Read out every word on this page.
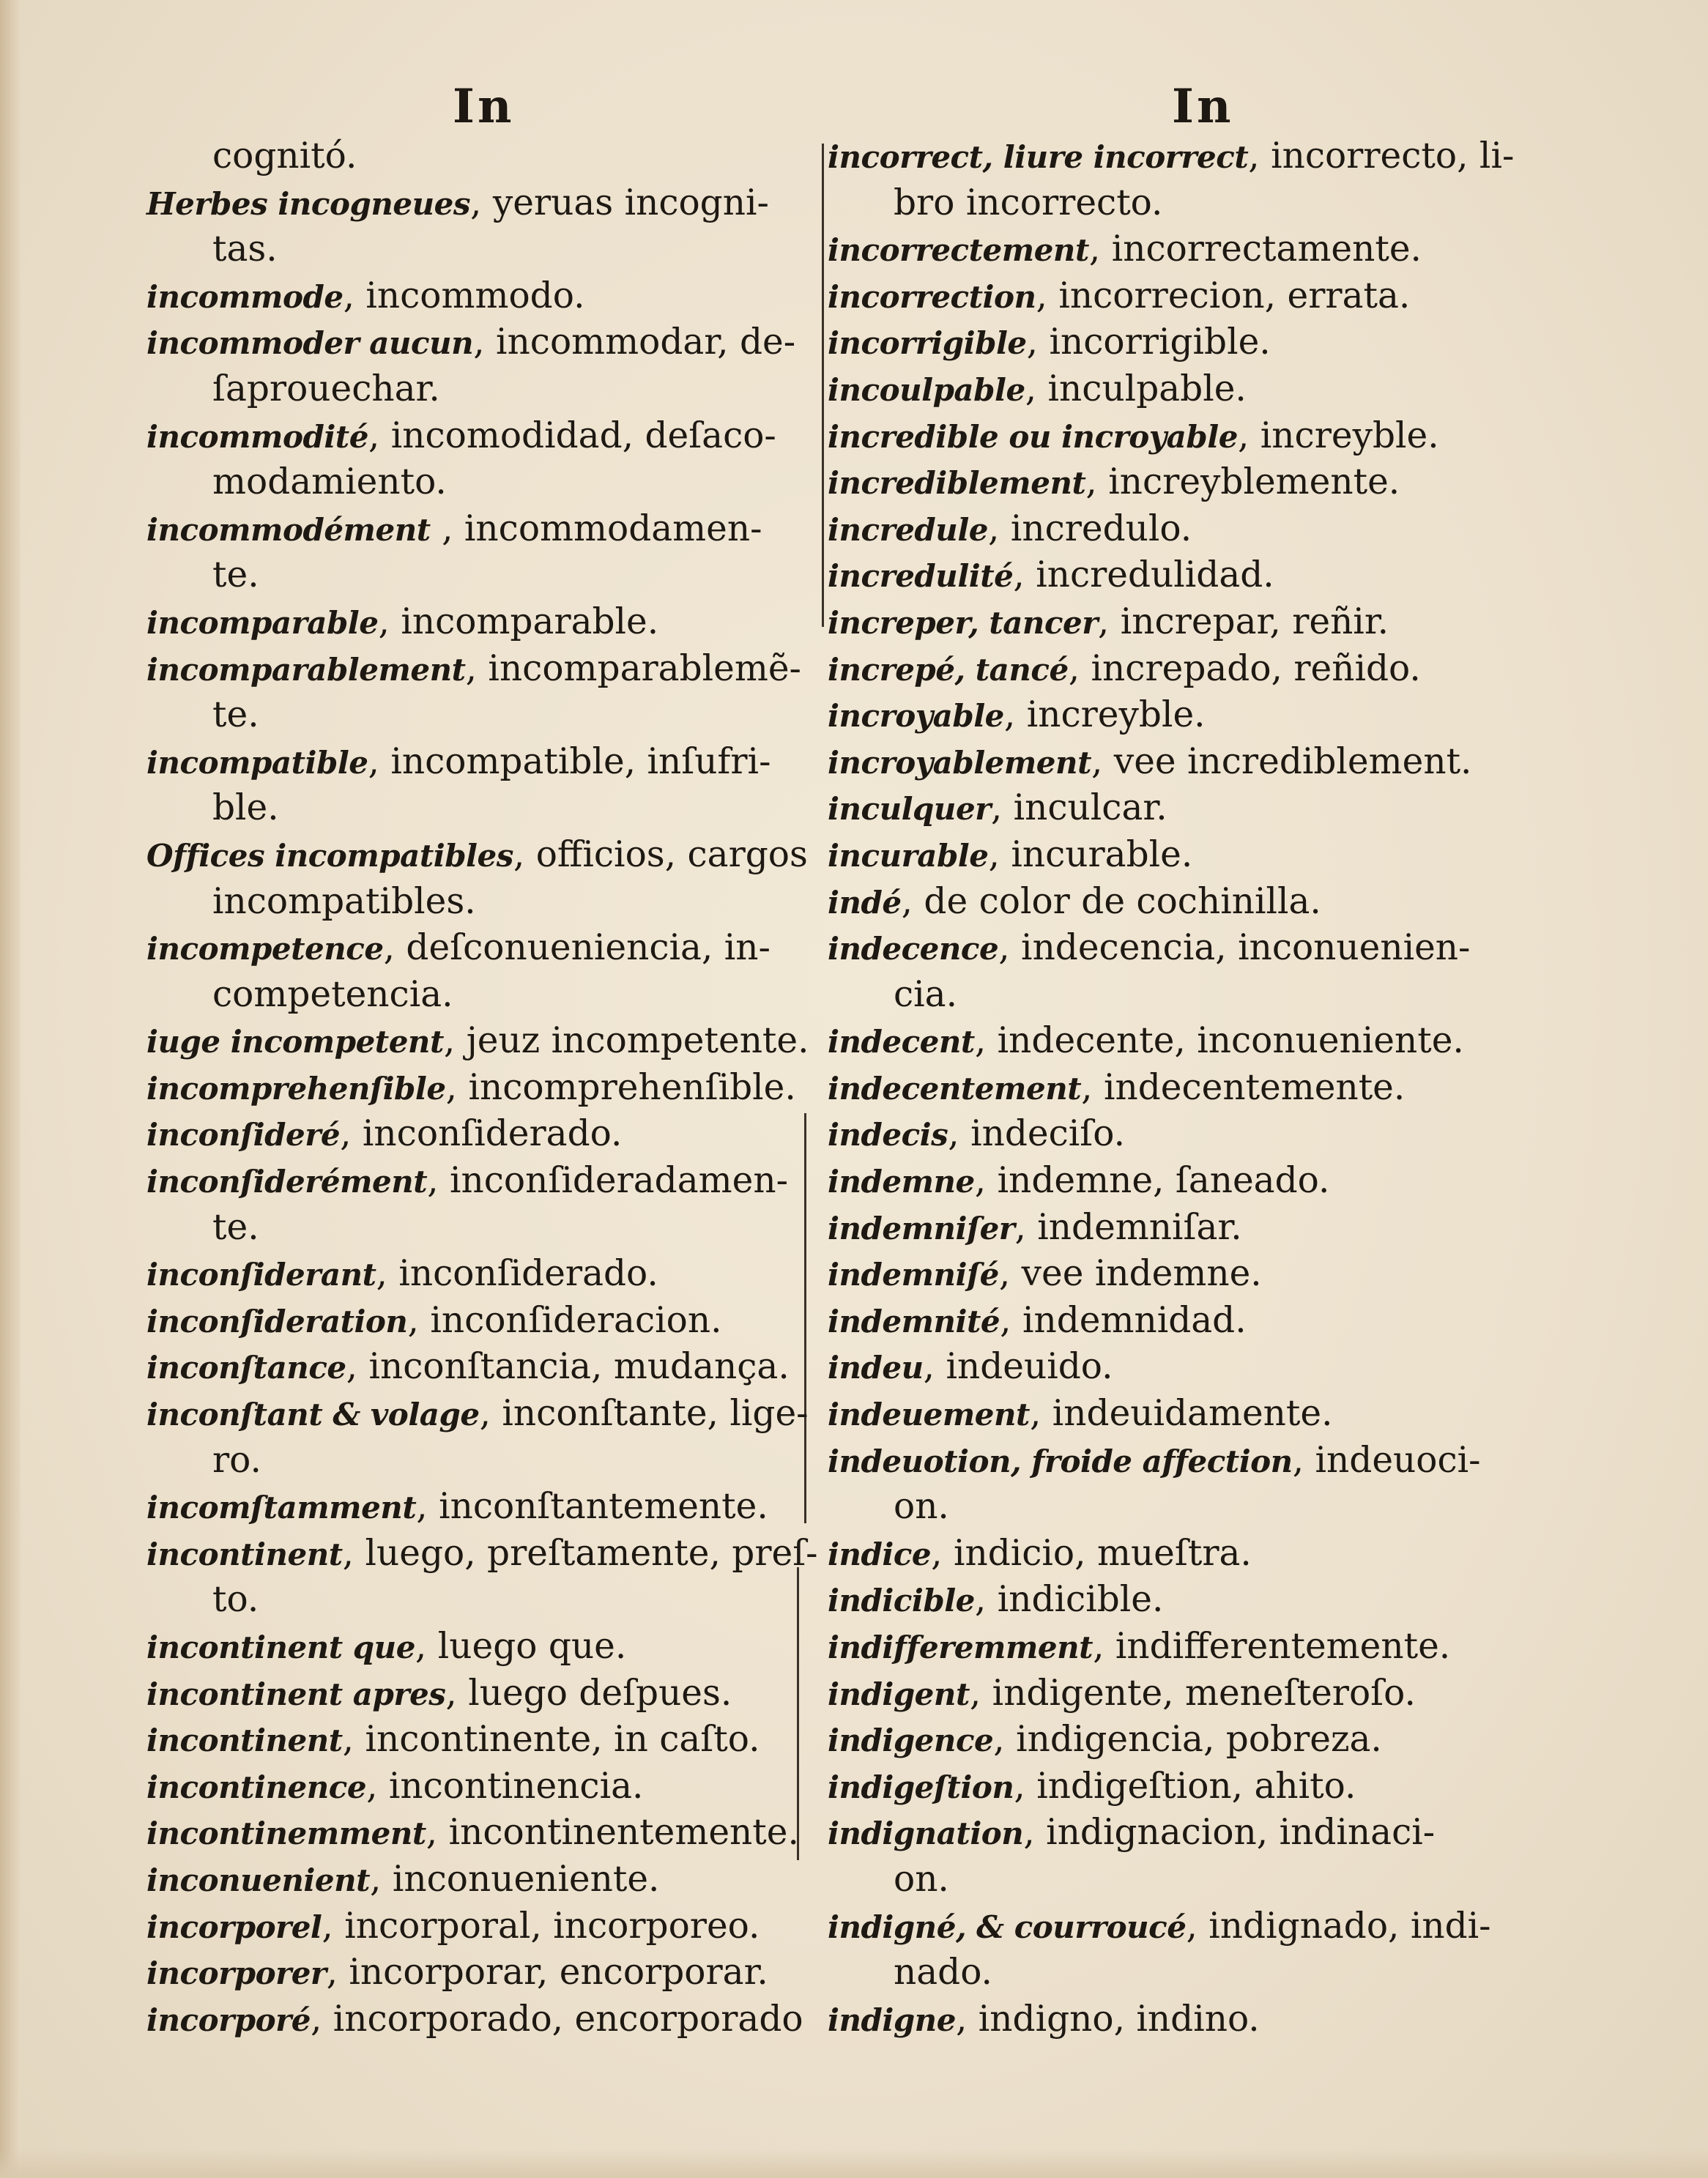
In	In
cognitó.
Herbes incogneues, yeruas incogni-
tas.
incommode, incommodo.
incommoder aucun, incommodar, de-
ſaprouechar.
incommodité, incomodidad, deſaco-
modamiento.
incommodément , incommodamen-
te.
incomparable, incomparable.
incomparablement, incomparablemẽ-
te.
incompatible, incompatible, inſufri-
ble.
Offices incompatibles, officios, cargos
incompatibles.
incompetence, deſconueniencia, in-
competencia.
iuge incompetent, jeuz incompetente.
incomprehenſible, incomprehenſible.
inconſideré, inconſiderado.
inconſiderément, inconſideradamen-
te.
inconſiderant, inconſiderado.
inconſideration, inconſideracion.
inconſtance, inconſtancia, mudança.
inconſtant & volage, inconſtante, lige-
ro.
incomſtamment, inconſtantemente.
incontinent, luego, preſtamente, preſ-
to.
incontinent que, luego que.
incontinent apres, luego deſpues.
incontinent, incontinente, in caſto.
incontinence, incontinencia.
incontinemment, incontinentemente.
inconuenient, inconueniente.
incorporel, incorporal, incorporeo.
incorporer, incorporar, encorporar.
incorporé, incorporado, encorporado
incorrect, liure incorrect, incorrecto, li-
bro incorrecto.
incorrectement, incorrectamente.
incorrection, incorrecion, errata.
incorrigible, incorrigible.
incoulpable, inculpable.
incredible ou incroyable, increyble.
incrediblement, increyblemente.
incredule, incredulo.
incredulité, incredulidad.
increper, tancer, increpar, reñir.
increpé, tancé, increpado, reñido.
incroyable, increyble.
incroyablement, vee incrediblement.
inculquer, inculcar.
incurable, incurable.
indé, de color de cochinilla.
indecence, indecencia, inconuenien-
cia.
indecent, indecente, inconueniente.
indecentement, indecentemente.
indecis, indeciſo.
indemne, indemne, ſaneado.
indemniſer, indemniſar.
indemniſé, vee indemne.
indemnité, indemnidad.
indeu, indeuido.
indeuement, indeuidamente.
indeuotion, froide affection, indeuoci-
on.
indice, indicio, mueſtra.
indicible, indicible.
indifferemment, indifferentemente.
indigent, indigente, meneſteroſo.
indigence, indigencia, pobreza.
indigeſtion, indigeſtion, ahito.
indignation, indignacion, indinaci-
on.
indigné, & courroucé, indignado, indi-
nado.
indigne, indigno, indino.
